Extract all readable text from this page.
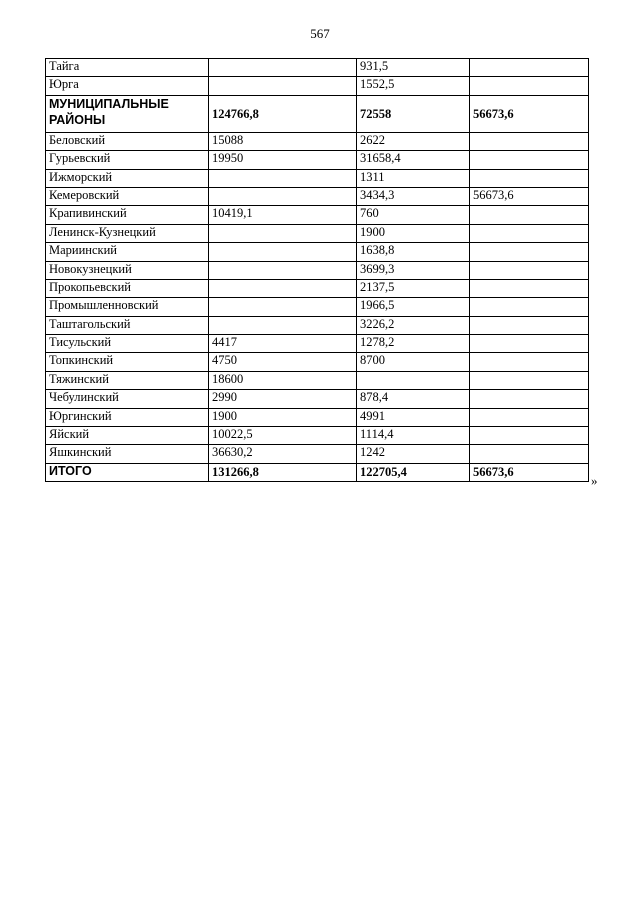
567
Тайга		931,5	
Юрга		1552,5	
МУНИЦИПАЛЬНЫЕ РАЙОНЫ	124766,8	72558	56673,6
Беловский	15088	2622	
Гурьевский	19950	31658,4	
Ижморский		1311	
Кемеровский		3434,3	56673,6
Крапивинский	10419,1	760	
Ленинск-Кузнецкий		1900	
Мариинский		1638,8	
Новокузнецкий		3699,3	
Прокопьевский		2137,5	
Промышленновский		1966,5	
Таштагольский		3226,2	
Тисульский	4417	1278,2	
Топкинский	4750	8700	
Тяжинский	18600		
Чебулинский	2990	878,4	
Юргинский	1900	4991	
Яйский	10022,5	1114,4	
Яшкинский	36630,2	1242	
ИТОГО	131266,8	122705,4	56673,6
»
